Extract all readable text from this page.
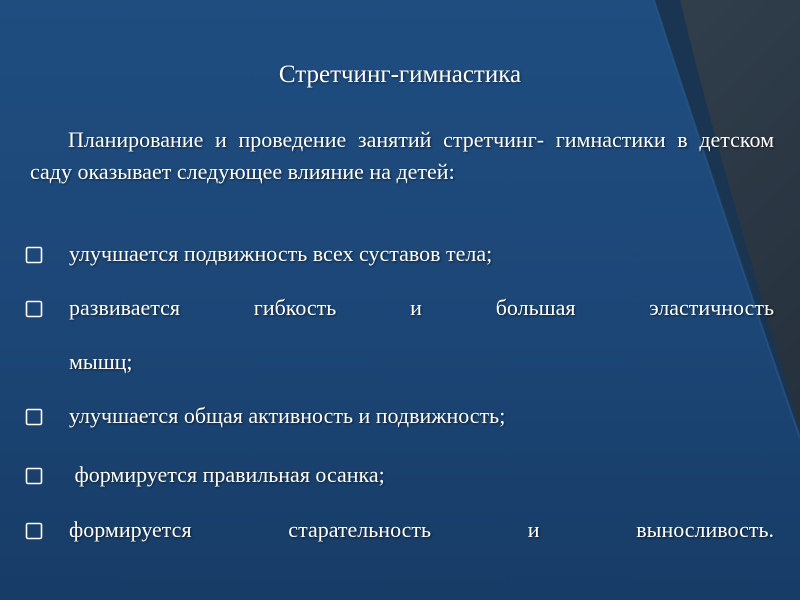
Стретчинг-гимнастика

Планирование и проведение занятий стретчинг- гимнастики в детском саду оказывает следующее влияние на детей:

улучшается подвижность всех суставов тела;
развивается гибкость и большая эластичность
мышц;
улучшается общая активность и подвижность;
формируется правильная осанка;
формируется старательность и выносливость.
